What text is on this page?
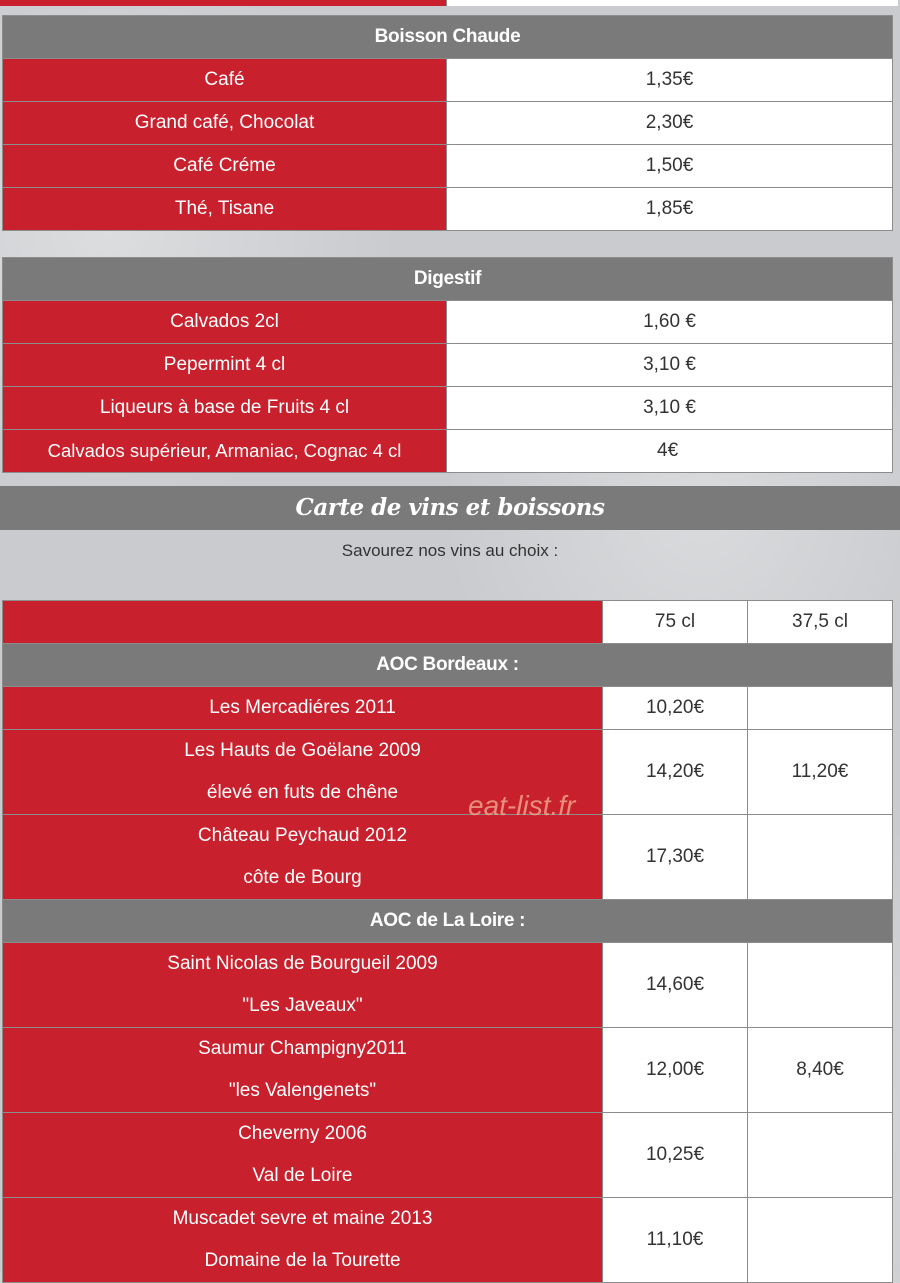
Boisson Chaude	
Café	1,35€
Grand café, Chocolat	2,30€
Café Créme	1,50€
Thé, Tisane	1,85€
Digestif	
Calvados 2cl	1,60 €
Pepermint 4 cl	3,10 €
Liqueurs à base de Fruits 4 cl	3,10 €
Calvados supérieur, Armaniac, Cognac 4 cl	4€
Carte de vins et boissons
Savourez nos vins au choix :
	75 cl	37,5 cl
AOC Bordeaux :		
Les Mercadiéres 2011	10,20€	

Les Hauts de Goëlane 2009
élevé en futs de chêne	14,20€	11,20€

Château Peychaud 2012
côte de Bourg	17,30€	
AOC de La Loire :		

Saint Nicolas de Bourgueil 2009
"Les Javeaux"	14,60€	

Saumur Champigny2011
"les Valengenets"	12,00€	8,40€

Cheverny 2006
Val de Loire	10,25€	

Muscadet sevre et maine 2013
Domaine de la Tourette	11,10€	
eat-list.fr
